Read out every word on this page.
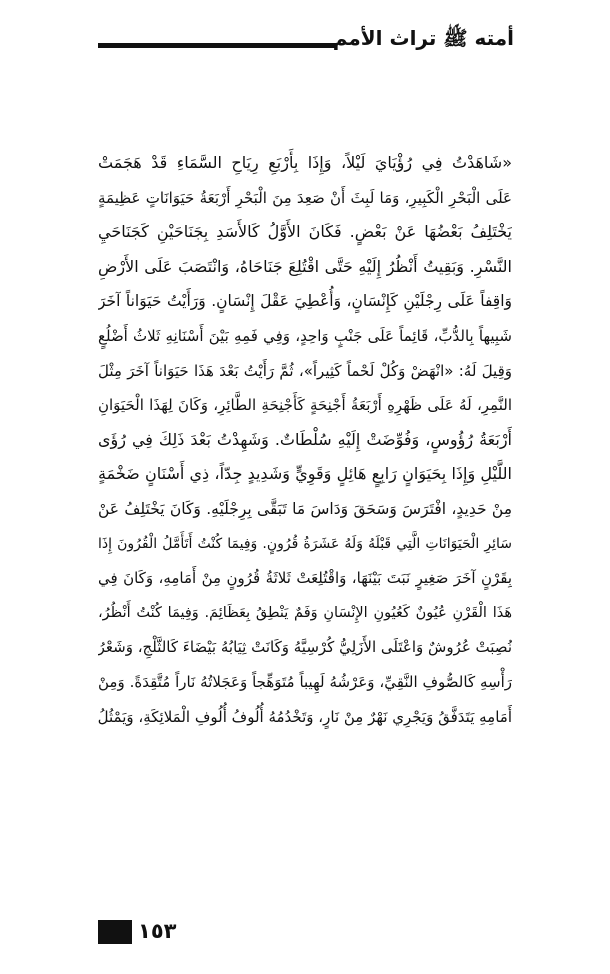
أمته ﷺ تراث الأمم
«شَاهَدْتُ فِي رُؤْيَايَ لَيْلاً، وَإِذَا بِأَرْبَعِ رِيَاحِ السَّمَاءِ قَدْ هَجَمَتْ
عَلَى الْبَحْرِ الْكَبِيرِ، وَمَا لَبِثَ أَنْ صَعِدَ مِنَ الْبَحْرِ أَرْبَعَةُ حَيَوَانَاتٍ عَظِيمَةٍ
يَخْتَلِفُ بَعْضُهَا عَنْ بَعْضٍ. فَكَانَ الأَوَّلُ كَالأَسَدِ بِجَنَاحَيْنِ كَجَنَاحَيِ
النَّسْرِ. وَبَقِيتُ أَنْظُرُ إِلَيْهِ حَتَّى اقْتُلِعَ جَنَاحَاهُ، وَانْتَصَبَ عَلَى الأَرْضِ
وَاقِفاً عَلَى رِجْلَيْنِ كَإِنْسَانٍ، وَأُعْطِيَ عَقْلَ إِنْسَانٍ. وَرَأَيْتُ حَيَوَاناً آخَرَ
شَبِيهاً بِالدُّبِّ، قَائِماً عَلَى جَنْبٍ وَاحِدٍ، وَفِي فَمِهِ بَيْنَ أَسْنَانِهِ ثَلاثُ أَضْلُعٍ
وَقِيلَ لَهُ: «انْهَضْ وَكُلْ لَحْماً كَثِيراً»، ثُمَّ رَأَيْتُ بَعْدَ هَذَا حَيَوَاناً آخَرَ مِثْلَ
النَّمِرِ، لَهُ عَلَى ظَهْرِهِ أَرْبَعَةُ أَجْنِحَةٍ كَأَجْنِحَةِ الطَّائِرِ، وَكَانَ لِهَذَا الْحَيَوَانِ
أَرْبَعَةُ رُؤُوسٍ، وَفُوِّضَتْ إِلَيْهِ سُلْطَاتٌ. وَشَهِدْتُ بَعْدَ ذَلِكَ فِي رُؤَى
اللَّيْلِ وَإِذَا بِحَيَوَانٍ رَابِعٍ هَائِلٍ وَقَوِيٍّ وَشَدِيدٍ جِدّاً، ذِي أَسْنَانٍ ضَخْمَةٍ
مِنْ حَدِيدٍ، افْتَرَسَ وَسَحَقَ وَدَاسَ مَا تَبَقَّى بِرِجْلَيْهِ. وَكَانَ يَخْتَلِفُ عَنْ
سَائِرِ الْحَيَوَانَاتِ الَّتِي قَبْلَهُ وَلَهُ عَشَرَةُ قُرُونٍ. وَفِيمَا كُنْتُ أَتَأَمَّلُ الْقُرُونَ إِذَا
بِقَرْنٍ آخَرَ صَغِيرٍ نَبَتَ بَيْنَهَا، وَاقْتُلِعَتْ ثَلاثَةُ قُرُونٍ مِنْ أَمَامِهِ، وَكَانَ فِي
هَذَا الْقَرْنِ عُيُونٌ كَعُيُونِ الإِنْسَانِ وَفَمٌ يَنْطِقُ بِعَظَائِمَ. وَفِيمَا كُنْتُ أَنْظُرُ،
نُصِبَتْ عُرُوشٌ وَاعْتَلَى الأَزَلِيُّ كُرْسِيَّهُ وَكَانَتْ ثِيَابُهُ بَيْضَاءَ كَالثَّلْجِ، وَشَعْرُ
رَأْسِهِ كَالصُّوفِ النَّقِيِّ، وَعَرْشُهُ لَهِيباً مُتَوَهِّجاً وَعَجَلاتُهُ نَاراً مُتَّقِدَةً. وَمِنْ
أَمَامِهِ يَتَدَفَّقُ وَيَجْرِي نَهْرٌ مِنْ نَارٍ، وَتَخْدُمُهُ أُلُوفُ أُلُوفِ الْمَلائِكَةِ، وَيَمْثُلُ
١٥٣
